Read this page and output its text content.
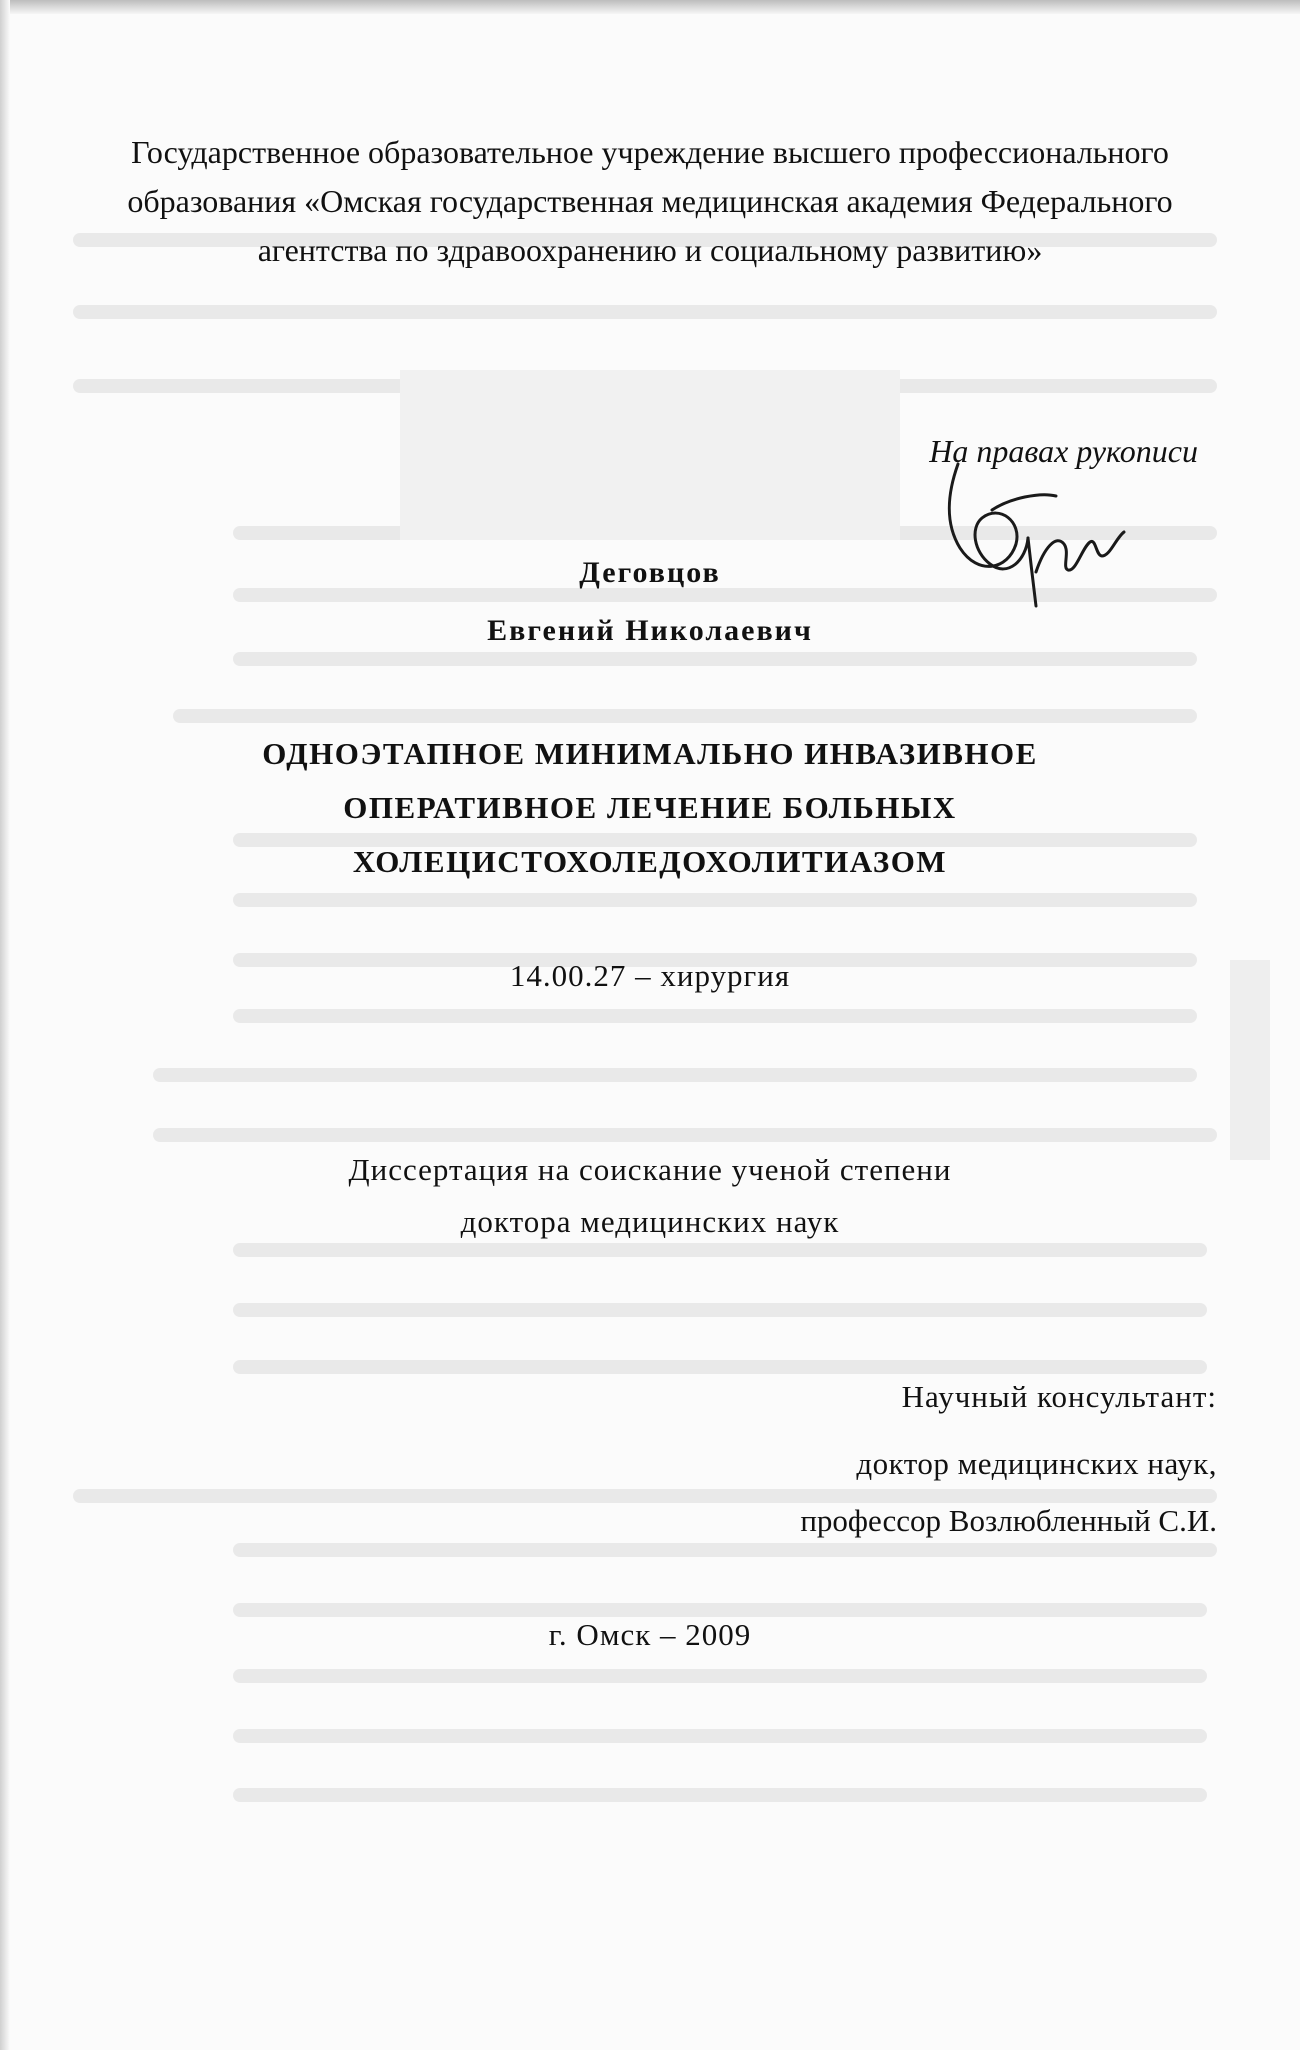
Государственное образовательное учреждение высшего профессионального
образования «Омская государственная медицинская академия Федерального
агентства по здравоохранению и социальному развитию»
На правах рукописи
Деговцов
Евгений Николаевич
ОДНОЭТАПНОЕ МИНИМАЛЬНО ИНВАЗИВНОЕ
ОПЕРАТИВНОЕ ЛЕЧЕНИЕ БОЛЬНЫХ
ХОЛЕЦИСТОХОЛЕДОХОЛИТИАЗОМ
14.00.27 – хирургия
Диссертация на соискание ученой степени
доктора медицинских наук
Научный консультант:
доктор медицинских наук,
профессор Возлюбленный С.И.
г. Омск – 2009
